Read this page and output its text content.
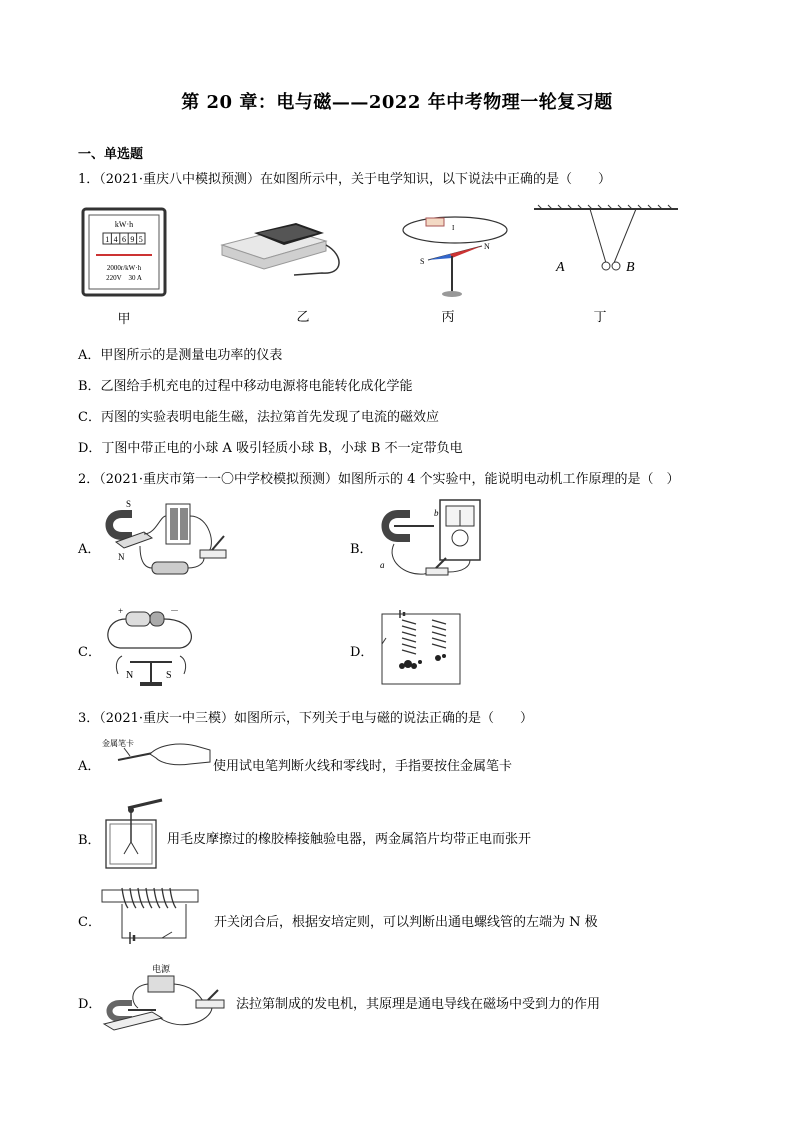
第 20 章：电与磁——2022 年中考物理一轮复习题
一、单选题
1．（2021·重庆八中模拟预测）在如图所示中，关于电学知识，以下说法中正确的是（　　）
kW·h
1 4 6 9 5
2000r/kW·h
220V　30 A
I
S
N
A	B
甲	乙	丙	丁
A．甲图所示的是测量电功率的仪表
B．乙图给手机充电的过程中移动电源将电能转化成化学能
C．丙图的实验表明电能生磁，法拉第首先发现了电流的磁效应
D．丁图中带正电的小球 A 吸引轻质小球 B，小球 B 不一定带负电
2．（2021·重庆市第一一〇中学校模拟预测）如图所示的 4 个实验中，能说明电动机工作原理的是（　）
A．
S
N	B．
b
a
C．
+	－
N	S
D．
3．（2021·重庆一中三模）如图所示，下列关于电与磁的说法正确的是（　　）
A．
金属笔卡
使用试电笔判断火线和零线时，手指要按住金属笔卡
B．	用毛皮摩擦过的橡胶棒接触验电器，两金属箔片均带正电而张开
C．	开关闭合后，根据安培定则，可以判断出通电螺线管的左端为 N 极
D．
电源
法拉第制成的发电机，其原理是通电导线在磁场中受到力的作用
